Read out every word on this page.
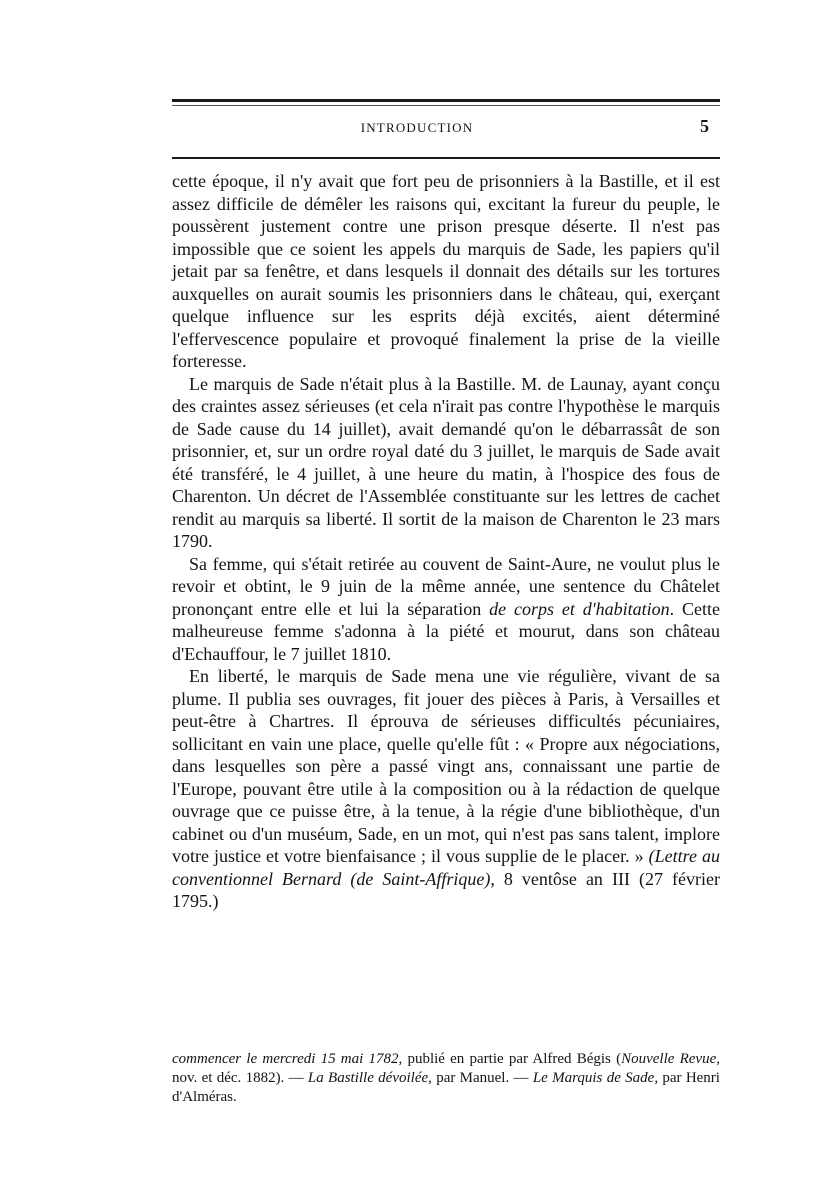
INTRODUCTION	5

cette époque, il n'y avait que fort peu de prisonniers à la Bastille, et il est assez difficile de démêler les raisons qui, excitant la fureur du peuple, le poussèrent justement contre une prison presque déserte. Il n'est pas impossible que ce soient les appels du marquis de Sade, les papiers qu'il jetait par sa fenêtre, et dans lesquels il donnait des détails sur les tortures auxquelles on aurait soumis les prisonniers dans le château, qui, exerçant quelque influence sur les esprits déjà excités, aient déterminé l'effervescence populaire et provoqué finalement la prise de la vieille forteresse.

Le marquis de Sade n'était plus à la Bastille. M. de Launay, ayant conçu des craintes assez sérieuses (et cela n'irait pas contre l'hypothèse le marquis de Sade cause du 14 juillet), avait demandé qu'on le débarrassât de son prisonnier, et, sur un ordre royal daté du 3 juillet, le marquis de Sade avait été transféré, le 4 juillet, à une heure du matin, à l'hospice des fous de Charenton. Un décret de l'Assemblée constituante sur les lettres de cachet rendit au marquis sa liberté. Il sortit de la maison de Charenton le 23 mars 1790.

Sa femme, qui s'était retirée au couvent de Saint-Aure, ne voulut plus le revoir et obtint, le 9 juin de la même année, une sentence du Châtelet prononçant entre elle et lui la séparation de corps et d'habitation. Cette malheureuse femme s'adonna à la piété et mourut, dans son château d'Echauffour, le 7 juillet 1810.

En liberté, le marquis de Sade mena une vie régulière, vivant de sa plume. Il publia ses ouvrages, fit jouer des pièces à Paris, à Versailles et peut-être à Chartres. Il éprouva de sérieuses difficultés pécuniaires, sollicitant en vain une place, quelle qu'elle fût : « Propre aux négociations, dans lesquelles son père a passé vingt ans, connaissant une partie de l'Europe, pouvant être utile à la composition ou à la rédaction de quelque ouvrage que ce puisse être, à la tenue, à la régie d'une bibliothèque, d'un cabinet ou d'un muséum, Sade, en un mot, qui n'est pas sans talent, implore votre justice et votre bienfaisance ; il vous supplie de le placer. » (Lettre au conventionnel Bernard (de Saint-Affrique), 8 ventôse an III (27 février 1795.)

commencer le mercredi 15 mai 1782, publié en partie par Alfred Bégis (Nouvelle Revue, nov. et déc. 1882). — La Bastille dévoilée, par Manuel. — Le Marquis de Sade, par Henri d'Alméras.
